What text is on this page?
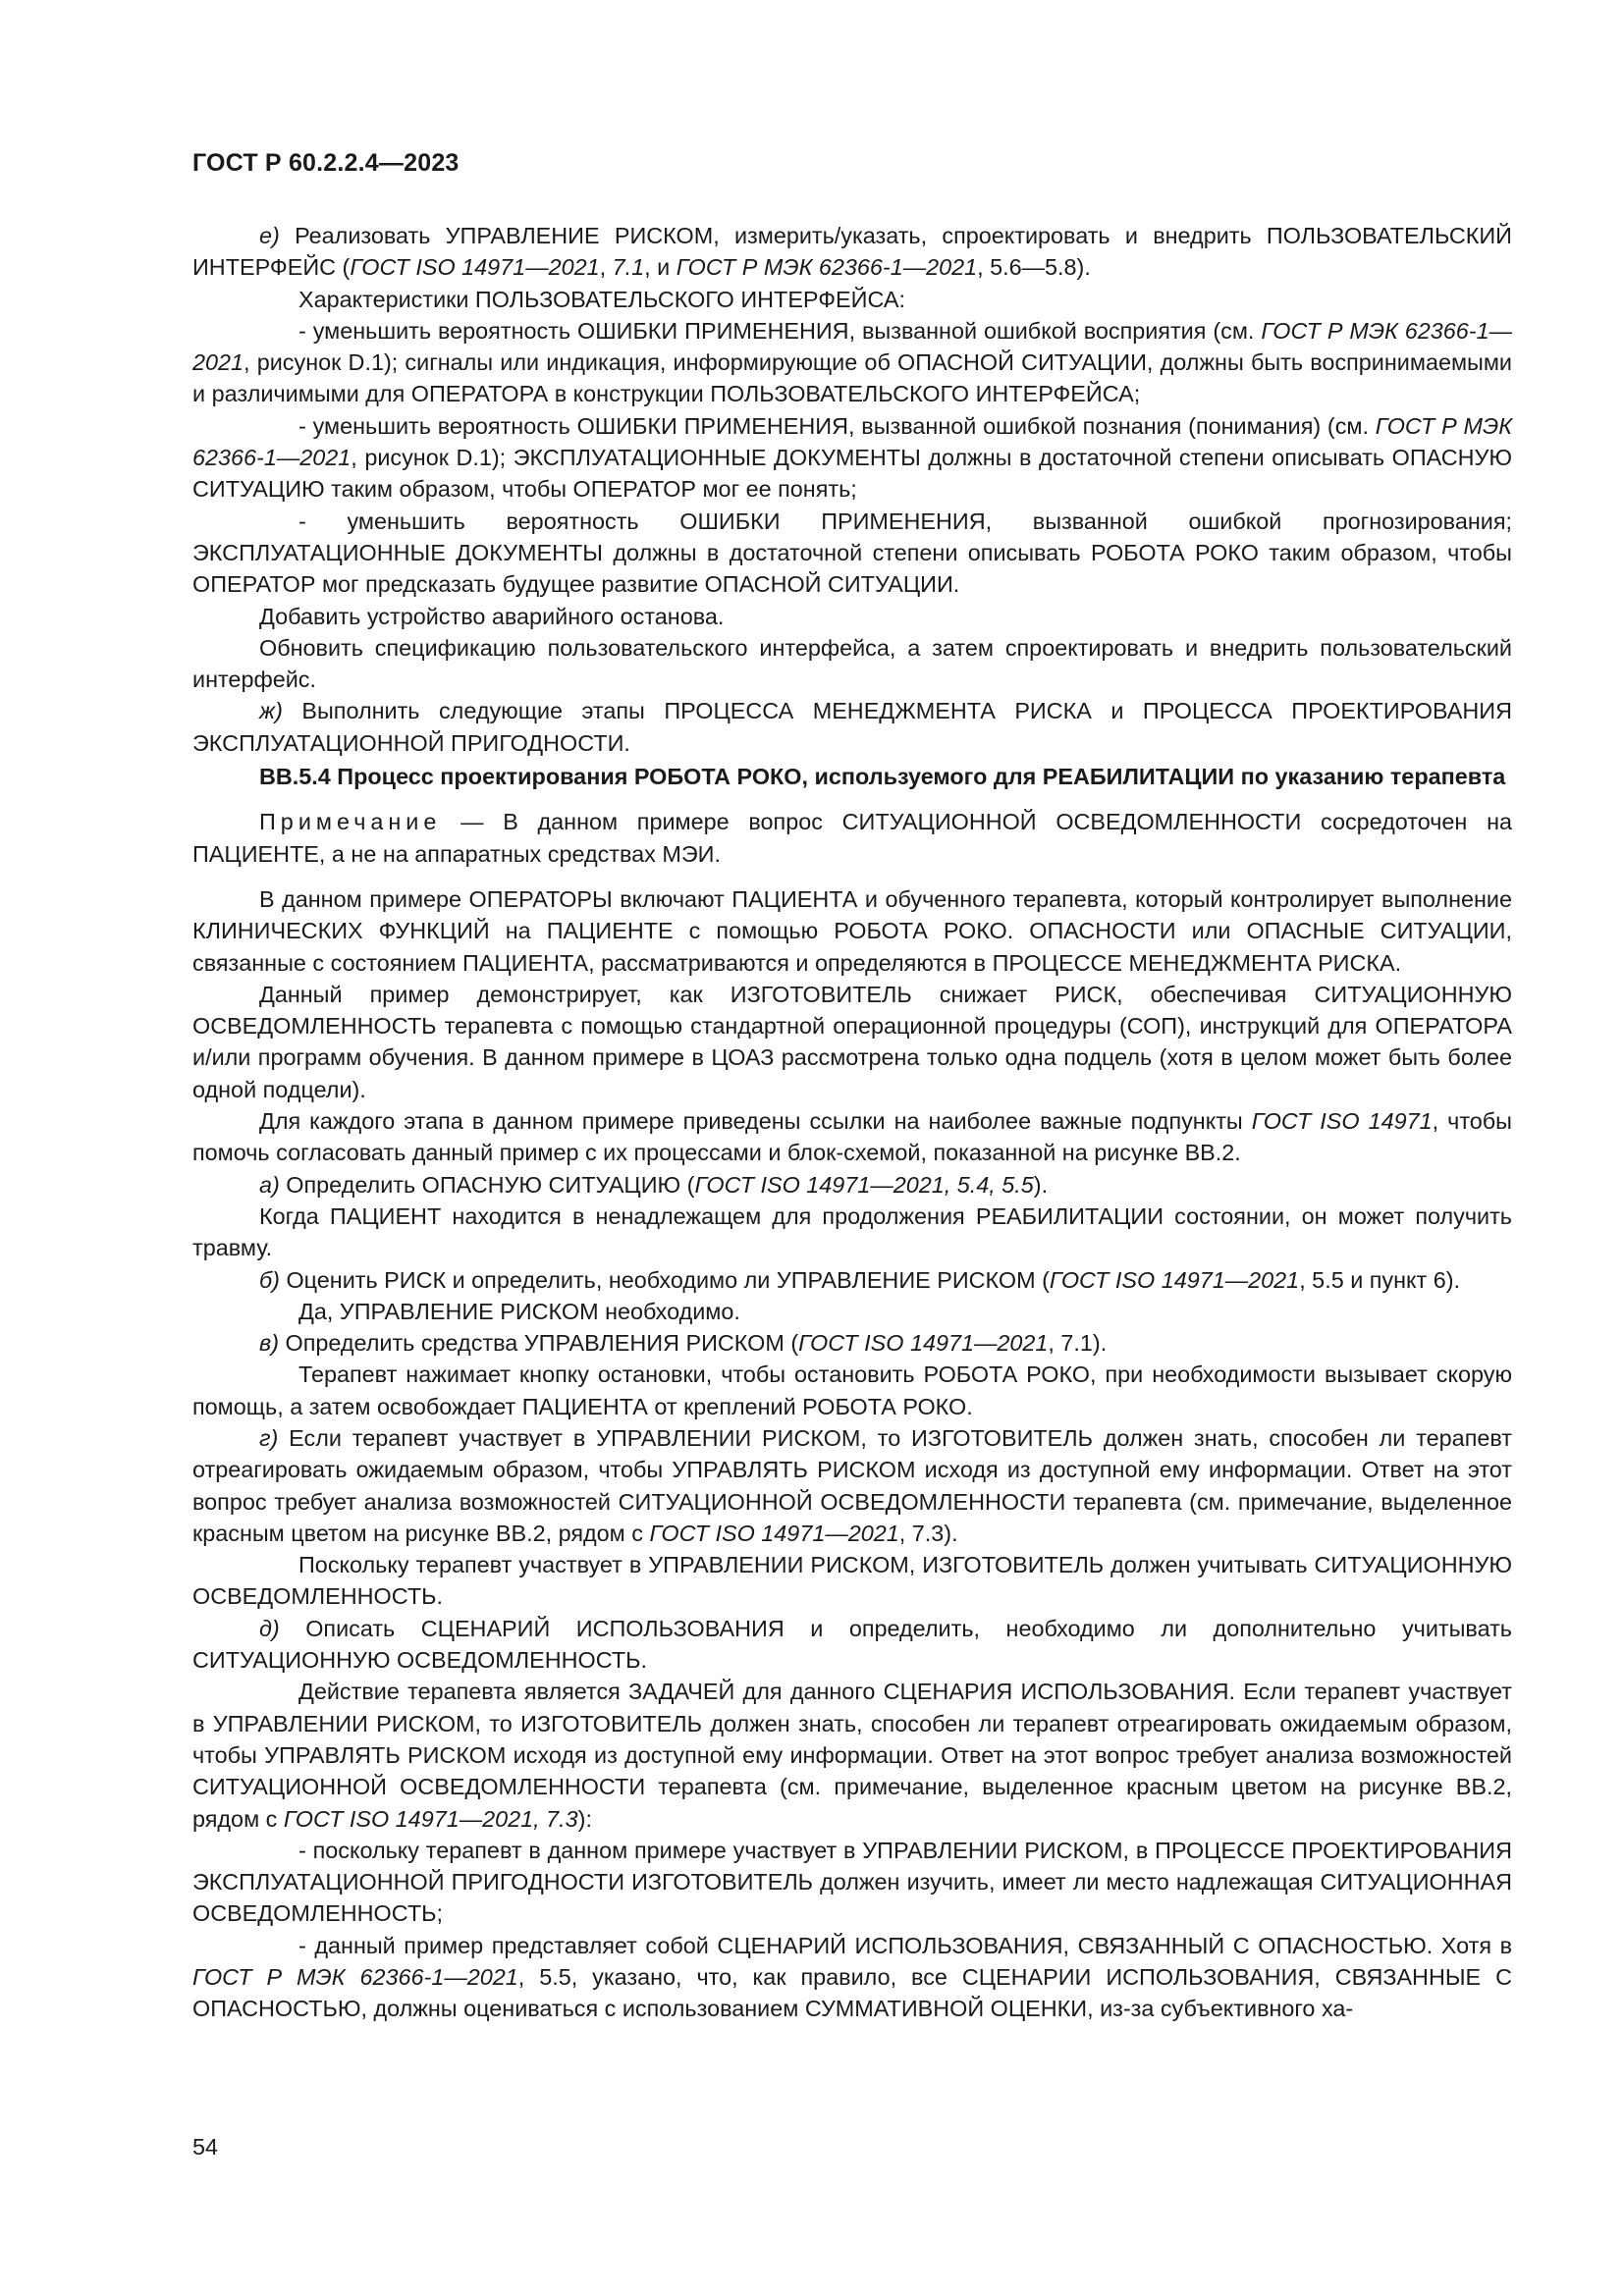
ГОСТ Р 60.2.2.4—2023

е) Реализовать УПРАВЛЕНИЕ РИСКОМ, измерить/указать, спроектировать и внедрить ПОЛЬЗОВАТЕЛЬСКИЙ ИНТЕРФЕЙС (ГОСТ ISO 14971—2021, 7.1, и ГОСТ Р МЭК 62366-1—2021, 5.6—5.8).

Характеристики ПОЛЬЗОВАТЕЛЬСКОГО ИНТЕРФЕЙСА:

- уменьшить вероятность ОШИБКИ ПРИМЕНЕНИЯ, вызванной ошибкой восприятия (см. ГОСТ Р МЭК 62366-1—2021, рисунок D.1); сигналы или индикация, информирующие об ОПАСНОЙ СИТУАЦИИ, должны быть воспринимаемыми и различимыми для ОПЕРАТОРА в конструкции ПОЛЬЗОВАТЕЛЬСКОГО ИНТЕРФЕЙСА;

- уменьшить вероятность ОШИБКИ ПРИМЕНЕНИЯ, вызванной ошибкой познания (понимания) (см. ГОСТ Р МЭК 62366-1—2021, рисунок D.1); ЭКСПЛУАТАЦИОННЫЕ ДОКУМЕНТЫ должны в достаточной степени описывать ОПАСНУЮ СИТУАЦИЮ таким образом, чтобы ОПЕРАТОР мог ее понять;

- уменьшить вероятность ОШИБКИ ПРИМЕНЕНИЯ, вызванной ошибкой прогнозирования; ЭКСПЛУАТАЦИОННЫЕ ДОКУМЕНТЫ должны в достаточной степени описывать РОБОТА РОКО таким образом, чтобы ОПЕРАТОР мог предсказать будущее развитие ОПАСНОЙ СИТУАЦИИ.

Добавить устройство аварийного останова.

Обновить спецификацию пользовательского интерфейса, а затем спроектировать и внедрить пользовательский интерфейс.

ж) Выполнить следующие этапы ПРОЦЕССА МЕНЕДЖМЕНТА РИСКА и ПРОЦЕССА ПРОЕКТИРОВАНИЯ ЭКСПЛУАТАЦИОННОЙ ПРИГОДНОСТИ.

ВВ.5.4 Процесс проектирования РОБОТА РОКО, используемого для РЕАБИЛИТАЦИИ по указанию терапевта

Примечание — В данном примере вопрос СИТУАЦИОННОЙ ОСВЕДОМЛЕННОСТИ сосредоточен на ПАЦИЕНТЕ, а не на аппаратных средствах МЭИ.

В данном примере ОПЕРАТОРЫ включают ПАЦИЕНТА и обученного терапевта, который контролирует выполнение КЛИНИЧЕСКИХ ФУНКЦИЙ на ПАЦИЕНТЕ с помощью РОБОТА РОКО. ОПАСНОСТИ или ОПАСНЫЕ СИТУАЦИИ, связанные с состоянием ПАЦИЕНТА, рассматриваются и определяются в ПРОЦЕССЕ МЕНЕДЖМЕНТА РИСКА.

Данный пример демонстрирует, как ИЗГОТОВИТЕЛЬ снижает РИСК, обеспечивая СИТУАЦИОННУЮ ОСВЕДОМЛЕННОСТЬ терапевта с помощью стандартной операционной процедуры (СОП), инструкций для ОПЕРАТОРА и/или программ обучения. В данном примере в ЦОАЗ рассмотрена только одна подцель (хотя в целом может быть более одной подцели).

Для каждого этапа в данном примере приведены ссылки на наиболее важные подпункты ГОСТ ISO 14971, чтобы помочь согласовать данный пример с их процессами и блок-схемой, показанной на рисунке ВВ.2.

а) Определить ОПАСНУЮ СИТУАЦИЮ (ГОСТ ISO 14971—2021, 5.4, 5.5).

Когда ПАЦИЕНТ находится в ненадлежащем для продолжения РЕАБИЛИТАЦИИ состоянии, он может получить травму.

б) Оценить РИСК и определить, необходимо ли УПРАВЛЕНИЕ РИСКОМ (ГОСТ ISO 14971—2021, 5.5 и пункт 6).

Да, УПРАВЛЕНИЕ РИСКОМ необходимо.

в) Определить средства УПРАВЛЕНИЯ РИСКОМ (ГОСТ ISO 14971—2021, 7.1).

Терапевт нажимает кнопку остановки, чтобы остановить РОБОТА РОКО, при необходимости вызывает скорую помощь, а затем освобождает ПАЦИЕНТА от креплений РОБОТА РОКО.

г) Если терапевт участвует в УПРАВЛЕНИИ РИСКОМ, то ИЗГОТОВИТЕЛЬ должен знать, способен ли терапевт отреагировать ожидаемым образом, чтобы УПРАВЛЯТЬ РИСКОМ исходя из доступной ему информации. Ответ на этот вопрос требует анализа возможностей СИТУАЦИОННОЙ ОСВЕДОМЛЕННОСТИ терапевта (см. примечание, выделенное красным цветом на рисунке ВВ.2, рядом с ГОСТ ISO 14971—2021, 7.3).

Поскольку терапевт участвует в УПРАВЛЕНИИ РИСКОМ, ИЗГОТОВИТЕЛЬ должен учитывать СИТУАЦИОННУЮ ОСВЕДОМЛЕННОСТЬ.

д) Описать СЦЕНАРИЙ ИСПОЛЬЗОВАНИЯ и определить, необходимо ли дополнительно учитывать СИТУАЦИОННУЮ ОСВЕДОМЛЕННОСТЬ.

Действие терапевта является ЗАДАЧЕЙ для данного СЦЕНАРИЯ ИСПОЛЬЗОВАНИЯ. Если терапевт участвует в УПРАВЛЕНИИ РИСКОМ, то ИЗГОТОВИТЕЛЬ должен знать, способен ли терапевт отреагировать ожидаемым образом, чтобы УПРАВЛЯТЬ РИСКОМ исходя из доступной ему информации. Ответ на этот вопрос требует анализа возможностей СИТУАЦИОННОЙ ОСВЕДОМЛЕННОСТИ терапевта (см. примечание, выделенное красным цветом на рисунке ВВ.2, рядом с ГОСТ ISO 14971—2021, 7.3):

- поскольку терапевт в данном примере участвует в УПРАВЛЕНИИ РИСКОМ, в ПРОЦЕССЕ ПРОЕКТИРОВАНИЯ ЭКСПЛУАТАЦИОННОЙ ПРИГОДНОСТИ ИЗГОТОВИТЕЛЬ должен изучить, имеет ли место надлежащая СИТУАЦИОННАЯ ОСВЕДОМЛЕННОСТЬ;

- данный пример представляет собой СЦЕНАРИЙ ИСПОЛЬЗОВАНИЯ, СВЯЗАННЫЙ С ОПАСНОСТЬЮ. Хотя в ГОСТ Р МЭК 62366-1—2021, 5.5, указано, что, как правило, все СЦЕНАРИИ ИСПОЛЬЗОВАНИЯ, СВЯЗАННЫЕ С ОПАСНОСТЬЮ, должны оцениваться с использованием СУММАТИВНОЙ ОЦЕНКИ, из-за субъективного ха-

54
